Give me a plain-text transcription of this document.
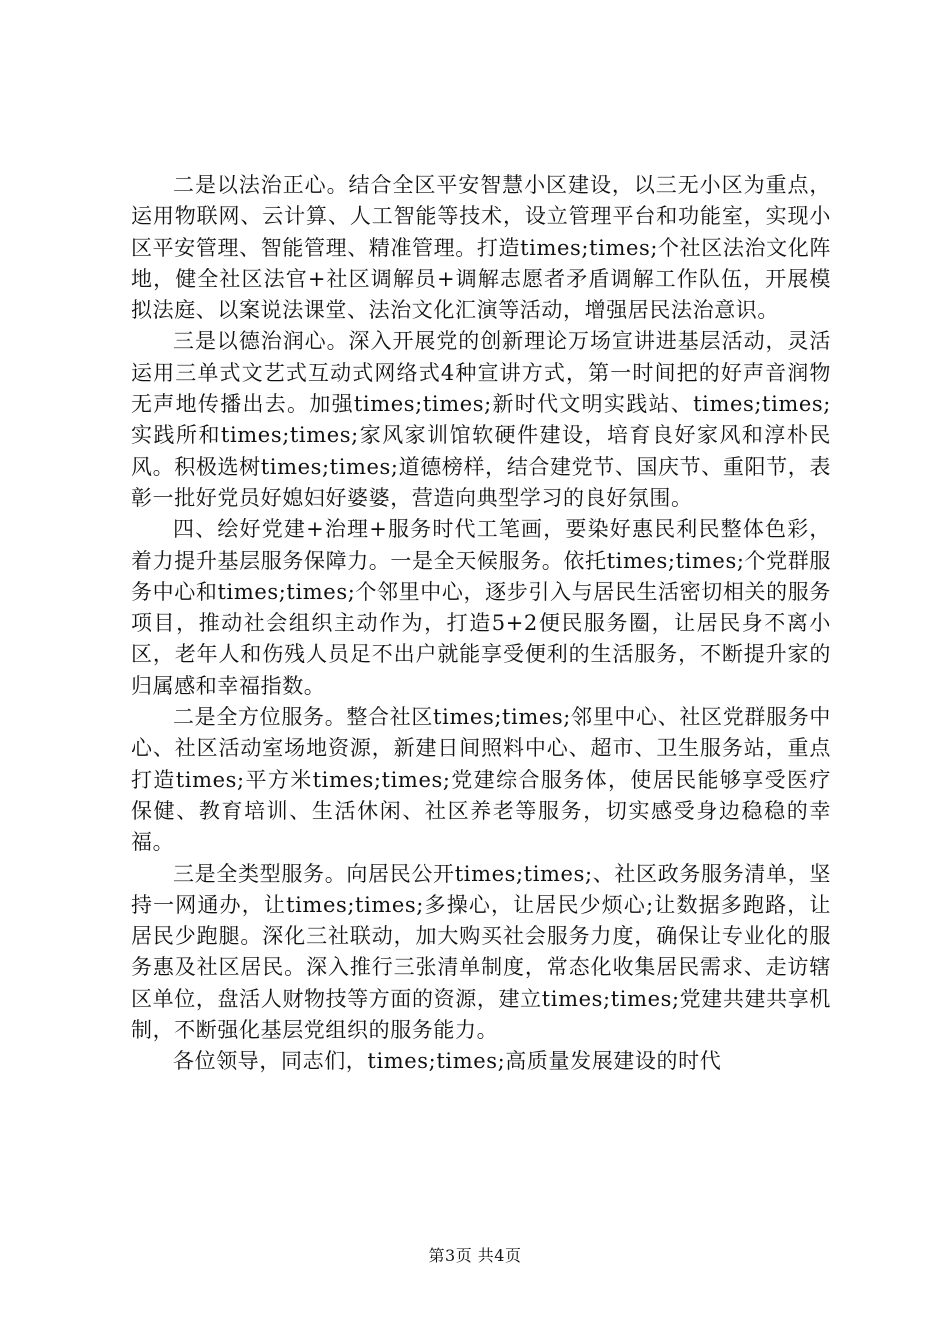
二是以法治正心。结合全区平安智慧小区建设，以三无小区为重点，运用物联网、云计算、人工智能等技术，设立管理平台和功能室，实现小区平安管理、智能管理、精准管理。打造times;times;个社区法治文化阵地，健全社区法官+社区调解员+调解志愿者矛盾调解工作队伍，开展模拟法庭、以案说法课堂、法治文化汇演等活动，增强居民法治意识。

三是以德治润心。深入开展党的创新理论万场宣讲进基层活动，灵活运用三单式文艺式互动式网络式4种宣讲方式，第一时间把的好声音润物无声地传播出去。加强times;times;新时代文明实践站、times;times;实践所和times;times;家风家训馆软硬件建设，培育良好家风和淳朴民风。积极选树times;times;道德榜样，结合建党节、国庆节、重阳节，表彰一批好党员好媳妇好婆婆，营造向典型学习的良好氛围。

四、绘好党建+治理+服务时代工笔画，要染好惠民利民整体色彩，着力提升基层服务保障力。一是全天候服务。依托times;times;个党群服务中心和times;times;个邻里中心，逐步引入与居民生活密切相关的服务项目，推动社会组织主动作为，打造5+2便民服务圈，让居民身不离小区，老年人和伤残人员足不出户就能享受便利的生活服务，不断提升家的归属感和幸福指数。

二是全方位服务。整合社区times;times;邻里中心、社区党群服务中心、社区活动室场地资源，新建日间照料中心、超市、卫生服务站，重点打造times;平方米times;times;党建综合服务体，使居民能够享受医疗保健、教育培训、生活休闲、社区养老等服务，切实感受身边稳稳的幸福。

三是全类型服务。向居民公开times;times;、社区政务服务清单，坚持一网通办，让times;times;多操心，让居民少烦心;让数据多跑路，让居民少跑腿。深化三社联动，加大购买社会服务力度，确保让专业化的服务惠及社区居民。深入推行三张清单制度，常态化收集居民需求、走访辖区单位，盘活人财物技等方面的资源，建立times;times;党建共建共享机制，不断强化基层党组织的服务能力。

各位领导，同志们，times;times;高质量发展建设的时代

第3页 共4页
